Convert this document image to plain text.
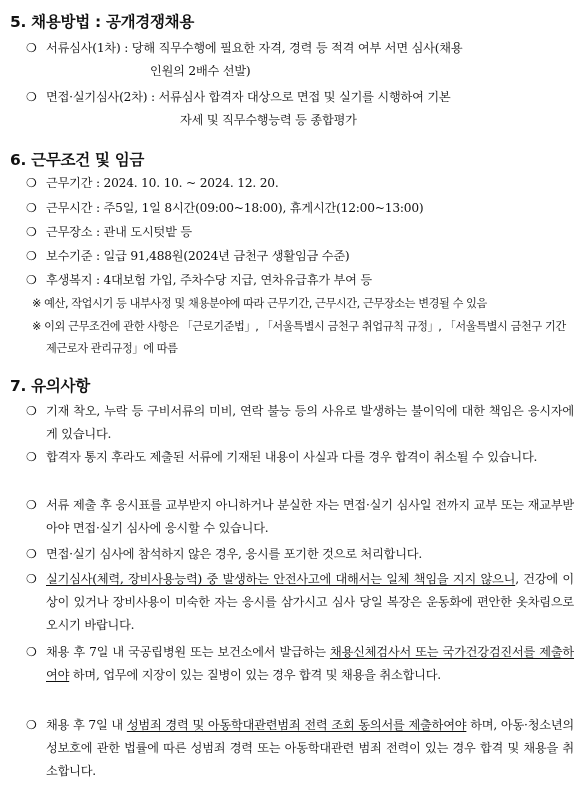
5. 채용방법 : 공개경쟁채용
❍ 서류심사(1차) : 당해 직무수행에 필요한 자격, 경력 등 적격 여부 서면 심사(채용
인원의 2배수 선발)
❍ 면접·실기심사(2차) : 서류심사 합격자 대상으로 면접 및 실기를 시행하여 기본
자세 및 직무수행능력 등 종합평가
6. 근무조건 및 임금
❍ 근무기간 : 2024. 10. 10. ~ 2024. 12. 20.
❍ 근무시간 : 주5일, 1일 8시간(09:00~18:00), 휴게시간(12:00~13:00)
❍ 근무장소 : 관내 도시텃밭 등
❍ 보수기준 : 일급 91,488원(2024년 금천구 생활임금 수준)
❍ 후생복지 : 4대보험 가입, 주차수당 지급, 연차유급휴가 부여 등
※ 예산, 작업시기 등 내부사정 및 채용분야에 따라 근무기간, 근무시간, 근무장소는 변경될 수 있음
※ 이외 근무조건에 관한 사항은 「근로기준법」, 「서울특별시 금천구 취업규칙 규정」, 「서울특별시 금천구 기간제근로자 관리규정」에 따름
7. 유의사항
❍ 기재 착오, 누락 등 구비서류의 미비, 연락 불능 등의 사유로 발생하는 불이익에 대한 책임은 응시자에게 있습니다.
❍ 합격자 통지 후라도 제출된 서류에 기재된 내용이 사실과 다를 경우 합격이 취소될 수 있습니다.
❍ 서류 제출 후 응시표를 교부받지 아니하거나 분실한 자는 면접·실기 심사일 전까지 교부 또는 재교부받아야 면접·실기 심사에 응시할 수 있습니다.
❍ 면접·실기 심사에 참석하지 않은 경우, 응시를 포기한 것으로 처리합니다.
❍ 실기심사(체력, 장비사용능력) 중 발생하는 안전사고에 대해서는 일체 책임을 지지 않으니, 건강에 이상이 있거나 장비사용이 미숙한 자는 응시를 삼가시고 심사 당일 복장은 운동화에 편안한 옷차림으로 오시기 바랍니다.
❍ 채용 후 7일 내 국공립병원 또는 보건소에서 발급하는 채용신체검사서 또는 국가건강검진서를 제출하여야 하며, 업무에 지장이 있는 질병이 있는 경우 합격 및 채용을 취소합니다.
❍ 채용 후 7일 내 성범죄 경력 및 아동학대관련범죄 전력 조회 동의서를 제출하여야 하며, 아동·청소년의 성보호에 관한 법률에 따른 성범죄 경력 또는 아동학대관련 범죄 전력이 있는 경우 합격 및 채용을 취소합니다.
